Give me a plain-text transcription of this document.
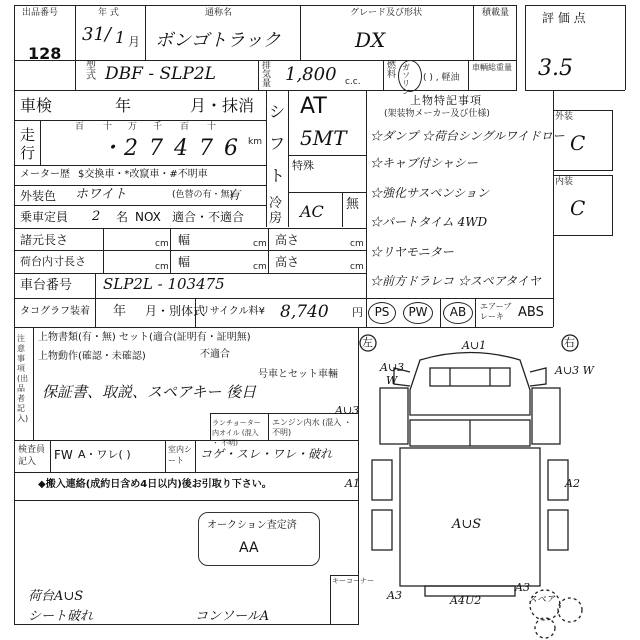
出品番号
128
年 式
31/ 1 月
通称名
ボンゴトラック
グレード及び形状
DX
積載量	評 価 点
3.5
型式 DBF - SLP2L	排気量 1,800 c.c.
燃料
ガソリン
( ) , 軽油
車輌総重量
車検	年	月・抹消 シフト
AT
5MT
走行
百 十 万 千 百 十
・2 7 4 7 6 km
メーター歴 $交換車・*改竄車・#不明車
特殊
外装色 ホワイト	(色替の有・無)
有
乗車定員 2 名 NOX 適合・不適合
冷房 AC 無
諸元長さ	cm 幅	cm 高さ	cm
荷台内寸長さ	cm 幅	cm 高さ	cm
車台番号 SLP2L - 103475
上物特記事項
(架装物メーカー及び仕様)
☆ダンプ ☆荷台シングルワイドロー
☆キャブ付シャシー
☆強化サスペンション
☆パートタイム 4WD
☆リヤモニター
☆前方ドラレコ ☆スペアタイヤ
外装
C
内装
C
タコグラフ装着 年 月・別体式
リサイクル料¥ 8,740 円 PS	PW	AB	エアーブレーキ	ABS
注意事項 (出品者記入)
上物書類(有・無) セット(適合(証明有・証明無)
不適合
上物動作(確認・未確認)
号車とセット車輛
保証書、取説、スペアキー 後日
ランチョーター内オイル (混入 ・ 不明)
エンジン内水 (混入 ・ 不明)
検査員記入	FW A・ワレ( )	室内シート	コゲ・スレ・ワレ・破れ
◆搬入連絡(成約日含め4日以内)後お引取り下さい。
オークション査定済
AA
キーコーナー
荷台A∪S
シート破れ	コンソールA
左	右
A∪1
A∪3
W
A∪3
A1	A2
A∪S
A4U2
A3
A3
A∪3 W
スペア
